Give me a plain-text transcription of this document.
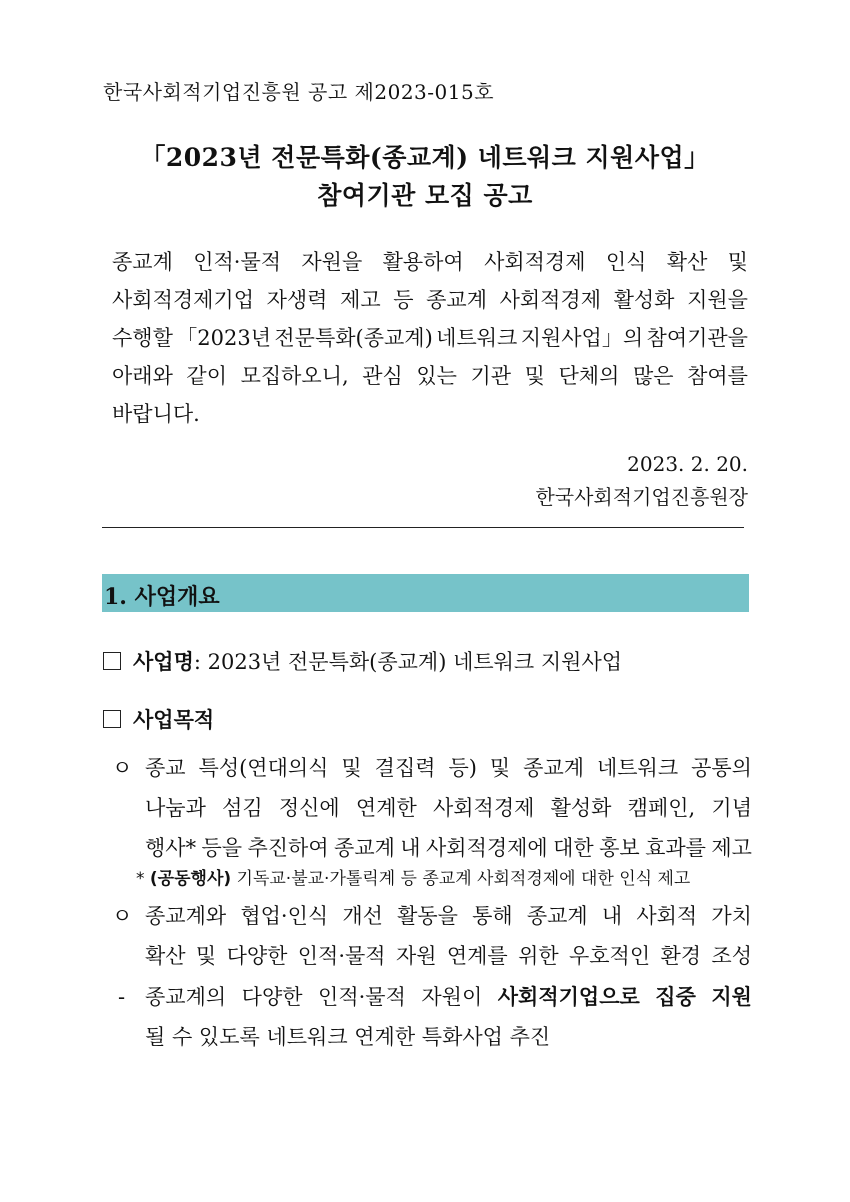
한국사회적기업진흥원 공고 제2023-015호
「2023년 전문특화(종교계) 네트워크 지원사업」
참여기관 모집 공고
종교계 인적·물적 자원을 활용하여 사회적경제 인식 확산 및
사회적경제기업 자생력 제고 등 종교계 사회적경제 활성화 지원을
수행할 「2023년 전문특화(종교계) 네트워크 지원사업」의 참여기관을
아래와 같이 모집하오니, 관심 있는 기관 및 단체의 많은 참여를
바랍니다.
2023. 2. 20.
한국사회적기업진흥원장
1. 사업개요
사업명: 2023년 전문특화(종교계) 네트워크 지원사업
사업목적
ㅇ 종교 특성(연대의식 및 결집력 등) 및 종교계 네트워크 공통의
나눔과 섬김 정신에 연계한 사회적경제 활성화 캠페인, 기념
행사* 등을 추진하여 종교계 내 사회적경제에 대한 홍보 효과를 제고
* (공동행사) 기독교·불교·가톨릭계 등 종교계 사회적경제에 대한 인식 제고
ㅇ 종교계와 협업·인식 개선 활동을 통해 종교계 내 사회적 가치
확산 및 다양한 인적·물적 자원 연계를 위한 우호적인 환경 조성
- 종교계의 다양한 인적·물적 자원이 사회적기업으로 집중 지원
될 수 있도록 네트워크 연계한 특화사업 추진
